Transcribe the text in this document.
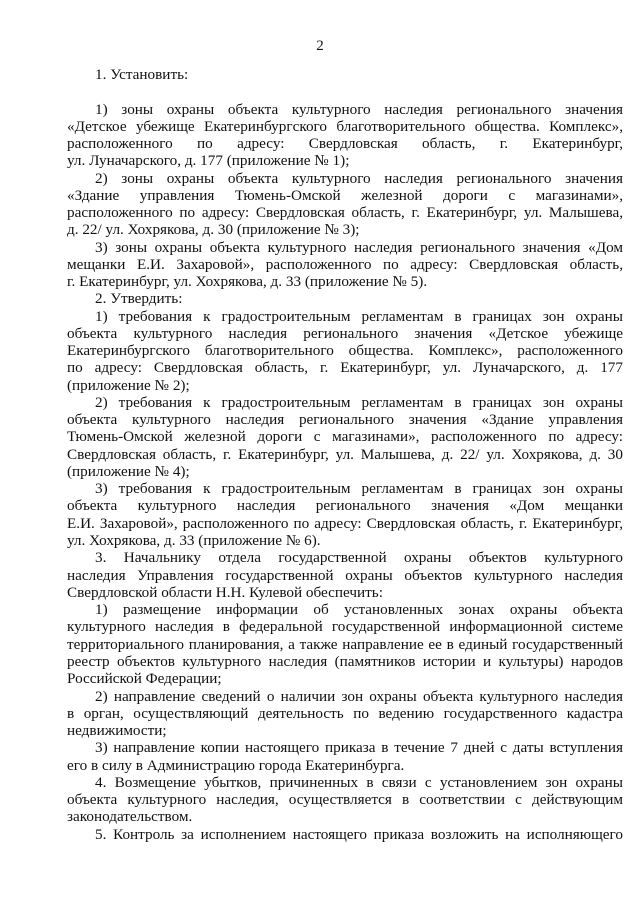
2
1. Установить:
1) зоны охраны объекта культурного наследия регионального значения
«Детское убежище Екатеринбургского благотворительного общества. Комплекс»,
расположенного по адресу: Свердловская область, г. Екатеринбург,
ул. Луначарского, д. 177 (приложение № 1);
2) зоны охраны объекта культурного наследия регионального значения
«Здание управления Тюмень-Омской железной дороги с магазинами»,
расположенного по адресу: Свердловская область, г. Екатеринбург, ул. Малышева,
д. 22/ ул. Хохрякова, д. 30 (приложение № 3);
3) зоны охраны объекта культурного наследия регионального значения «Дом
мещанки Е.И. Захаровой», расположенного по адресу: Свердловская область,
г. Екатеринбург, ул. Хохрякова, д. 33 (приложение № 5).
2. Утвердить:
1) требования к градостроительным регламентам в границах зон охраны
объекта культурного наследия регионального значения «Детское убежище
Екатеринбургского благотворительного общества. Комплекс», расположенного
по адресу: Свердловская область, г. Екатеринбург, ул. Луначарского, д. 177
(приложение № 2);
2) требования к градостроительным регламентам в границах зон охраны
объекта культурного наследия регионального значения «Здание управления
Тюмень-Омской железной дороги с магазинами», расположенного по адресу:
Свердловская область, г. Екатеринбург, ул. Малышева, д. 22/ ул. Хохрякова, д. 30
(приложение № 4);
3) требования к градостроительным регламентам в границах зон охраны
объекта культурного наследия регионального значения «Дом мещанки
Е.И. Захаровой», расположенного по адресу: Свердловская область, г. Екатеринбург,
ул. Хохрякова, д. 33 (приложение № 6).
3. Начальнику отдела государственной охраны объектов культурного
наследия Управления государственной охраны объектов культурного наследия
Свердловской области Н.Н. Кулевой обеспечить:
1) размещение информации об установленных зонах охраны объекта
культурного наследия в федеральной государственной информационной системе
территориального планирования, а также направление ее в единый государственный
реестр объектов культурного наследия (памятников истории и культуры) народов
Российской Федерации;
2) направление сведений о наличии зон охраны объекта культурного наследия
в орган, осуществляющий деятельность по ведению государственного кадастра
недвижимости;
3) направление копии настоящего приказа в течение 7 дней с даты вступления
его в силу в Администрацию города Екатеринбурга.
4. Возмещение убытков, причиненных в связи с установлением зон охраны
объекта культурного наследия, осуществляется в соответствии с действующим
законодательством.
5. Контроль за исполнением настоящего приказа возложить на исполняющего
